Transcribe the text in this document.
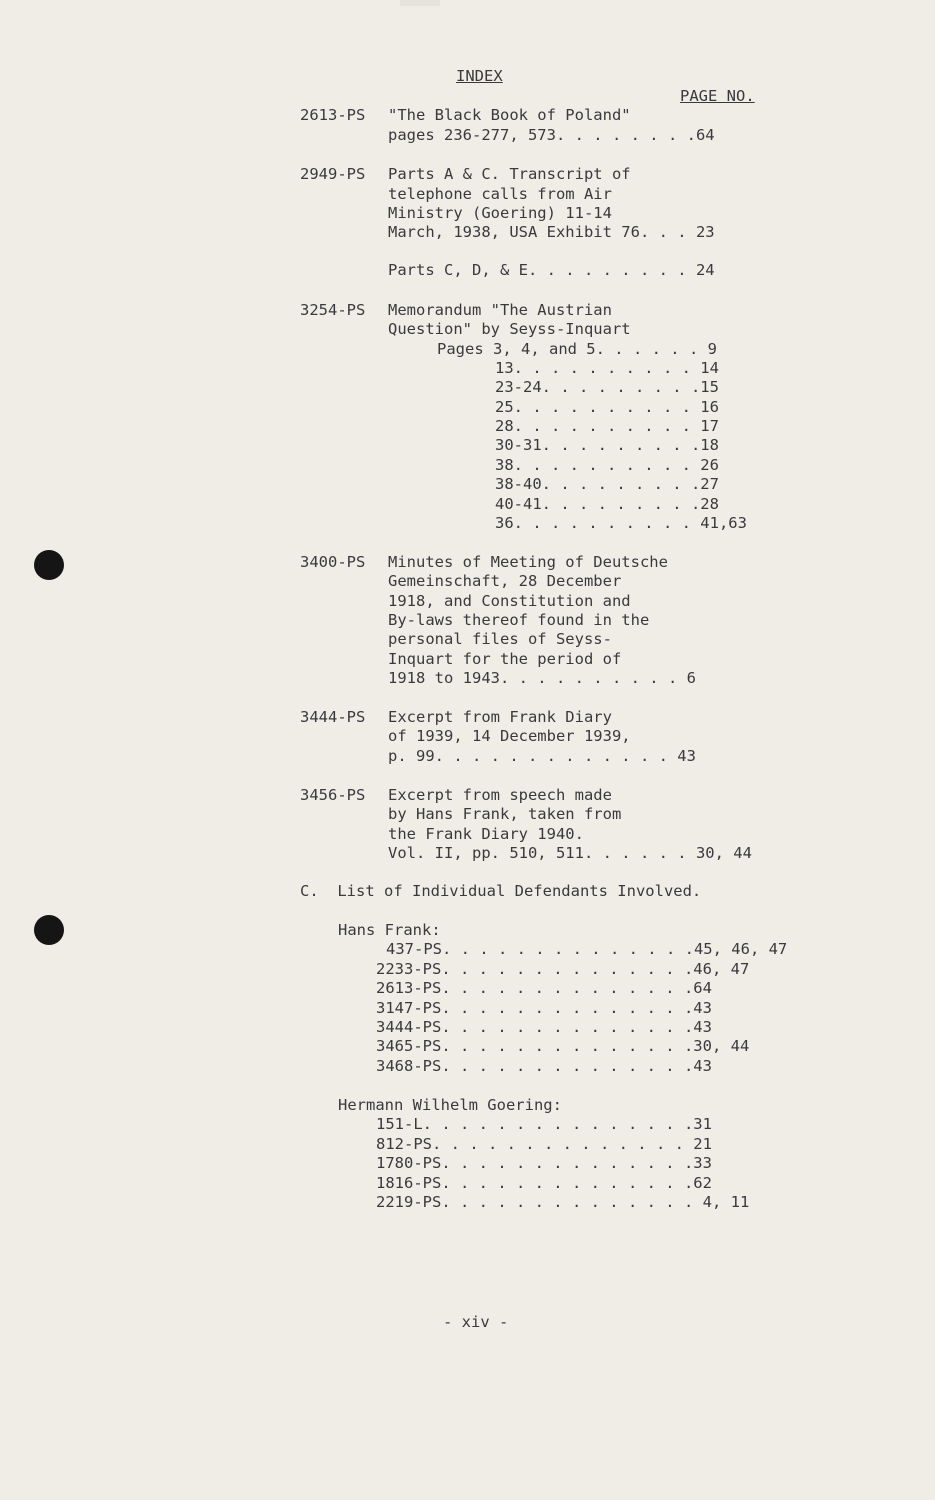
INDEX
PAGE NO.
2613-PS "The Black Book of Poland"
pages 236-277, 573. . . . . . . .64
2949-PS Parts A & C. Transcript of
telephone calls from Air
Ministry (Goering) 11-14
March, 1938, USA Exhibit 76. . . 23
Parts C, D, & E. . . . . . . . . 24
3254-PS Memorandum "The Austrian
Question" by Seyss-Inquart
Pages 3, 4, and 5. . . . . . 9
13. . . . . . . . . . 14
23-24. . . . . . . . .15
25. . . . . . . . . . 16
28. . . . . . . . . . 17
30-31. . . . . . . . .18
38. . . . . . . . . . 26
38-40. . . . . . . . .27
40-41. . . . . . . . .28
36. . . . . . . . . . 41,63
3400-PS Minutes of Meeting of Deutsche
Gemeinschaft, 28 December
1918, and Constitution and
By-laws thereof found in the
personal files of Seyss-
Inquart for the period of
1918 to 1943. . . . . . . . . . 6
3444-PS Excerpt from Frank Diary
of 1939, 14 December 1939,
p. 99. . . . . . . . . . . . . 43
3456-PS Excerpt from speech made
by Hans Frank, taken from
the Frank Diary 1940.
Vol. II, pp. 510, 511. . . . . . 30, 44
C.  List of Individual Defendants Involved.
Hans Frank:
437-PS. . . . . . . . . . . . . .45, 46, 47
2233-PS. . . . . . . . . . . . . .46, 47
2613-PS. . . . . . . . . . . . . .64
3147-PS. . . . . . . . . . . . . .43
3444-PS. . . . . . . . . . . . . .43
3465-PS. . . . . . . . . . . . . .30, 44
3468-PS. . . . . . . . . . . . . .43
Hermann Wilhelm Goering:
151-L. . . . . . . . . . . . . . .31
812-PS. . . . . . . . . . . . . . 21
1780-PS. . . . . . . . . . . . . .33
1816-PS. . . . . . . . . . . . . .62
2219-PS. . . . . . . . . . . . . . 4, 11
- xiv -
